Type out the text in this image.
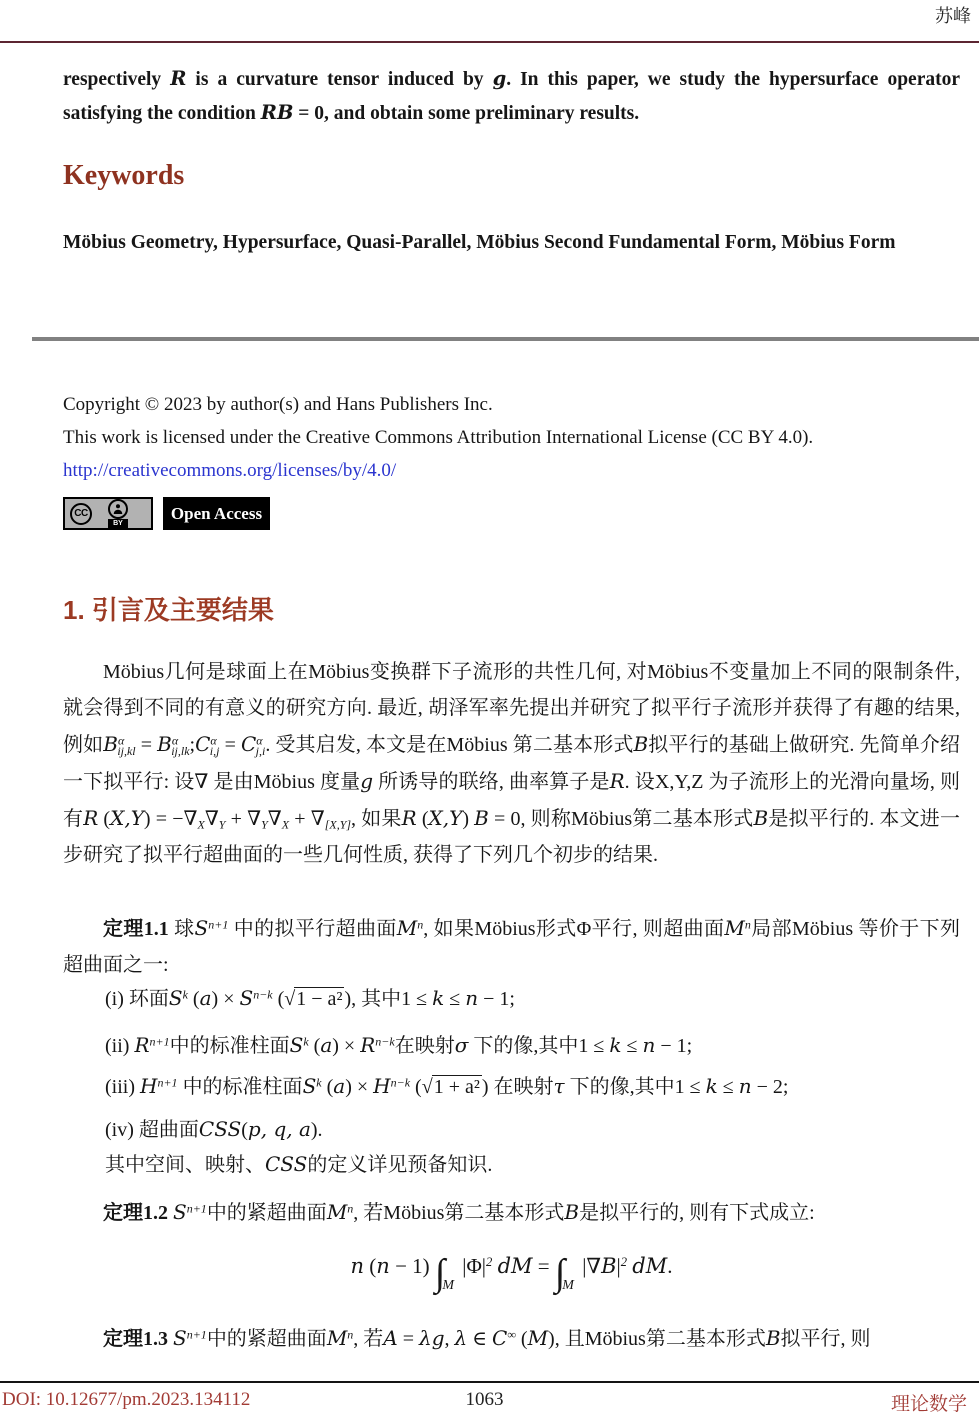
苏峰

respectively R is a curvature tensor induced by g. In this paper, we study the hypersurface operator satisfying the condition RB = 0, and obtain some preliminary results.

Keywords

Möbius Geometry, Hypersurface, Quasi-Parallel, Möbius Second Fundamental Form, Möbius Form

Copyright © 2023 by author(s) and Hans Publishers Inc.

This work is licensed under the Creative Commons Attribution International License (CC BY 4.0).

http://creativecommons.org/licenses/by/4.0/

CC
BY
Open Access
1. 引言及主要结果

Möbius几何是球面上在Möbius变换群下子流形的共性几何, 对Möbius不变量加上不同的限制条件, 就会得到不同的有意义的研究方向. 最近, 胡泽军率先提出并研究了拟平行子流形并获得了有趣的结果, 例如$B^\alpha_{ij,kl}$ = $B^\alpha_{ij,lk};C^\alpha_{i,j} = C^\alpha_{j,i}$. 受其启发, 本文是在Möbius 第二基本形式B拟平行的基础上做研究. 先简单介绍一下拟平行: 设∇ 是由Möbius 度量g 所诱导的联络, 曲率算子是R. 设X,Y,Z 为子流形上的光滑向量场, 则有R $(X,Y) = -\nabla_X\nabla_Y + \nabla_Y\nabla_X + \nabla_{[X,Y]}$, 如果R (X,Y) B = 0, 则称Möbius第二基本形式B是拟平行的. 本文进一步研究了拟平行超曲面的一些几何性质, 获得了下列几个初步的结果.

定理1.1 球$S^{n+1}$ 中的拟平行超曲面$M^n$, 如果Möbius形式Φ平行, 则超曲面$M^n$局部Möbius 等价于下列超曲面之一:

(i) 环面$S^k$ $(a) \times S^{n-k}$ (√1 − a² ), 其中1 ≤ k ≤ n − 1;

(ii) $R^{n+1}$中的标准柱面$S^k$ $(a) \times R^{n-k}$在映射σ 下的像,其中1 ≤ k ≤ n − 1;

(iii) $H^{n+1}$ 中的标准柱面$S^k$ $(a) \times H^{n-k}$ (√1 + a² ) 在映射τ 下的像,其中1 ≤ k ≤ n − 2;

(iv) 超曲面CSS(p, q, a).

其中空间、映射、CSS的定义详见预备知识.

定理1.2 $S^{n+1}$中的紧超曲面$M^n$, 若Möbius第二基本形式B是拟平行的, 则有下式成立:

n (n − 1) $\int_M$ $|\Phi|^2$ dM = $\int_M$ $|\nabla B|^2$ dM.

定理1.3 $S^{n+1}$中的紧超曲面$M^n$, 若A = λg, λ ∈ C∞ (M), 且Möbius第二基本形式B拟平行, 则

DOI: 10.12677/pm.2023.134112	1063	理论数学
